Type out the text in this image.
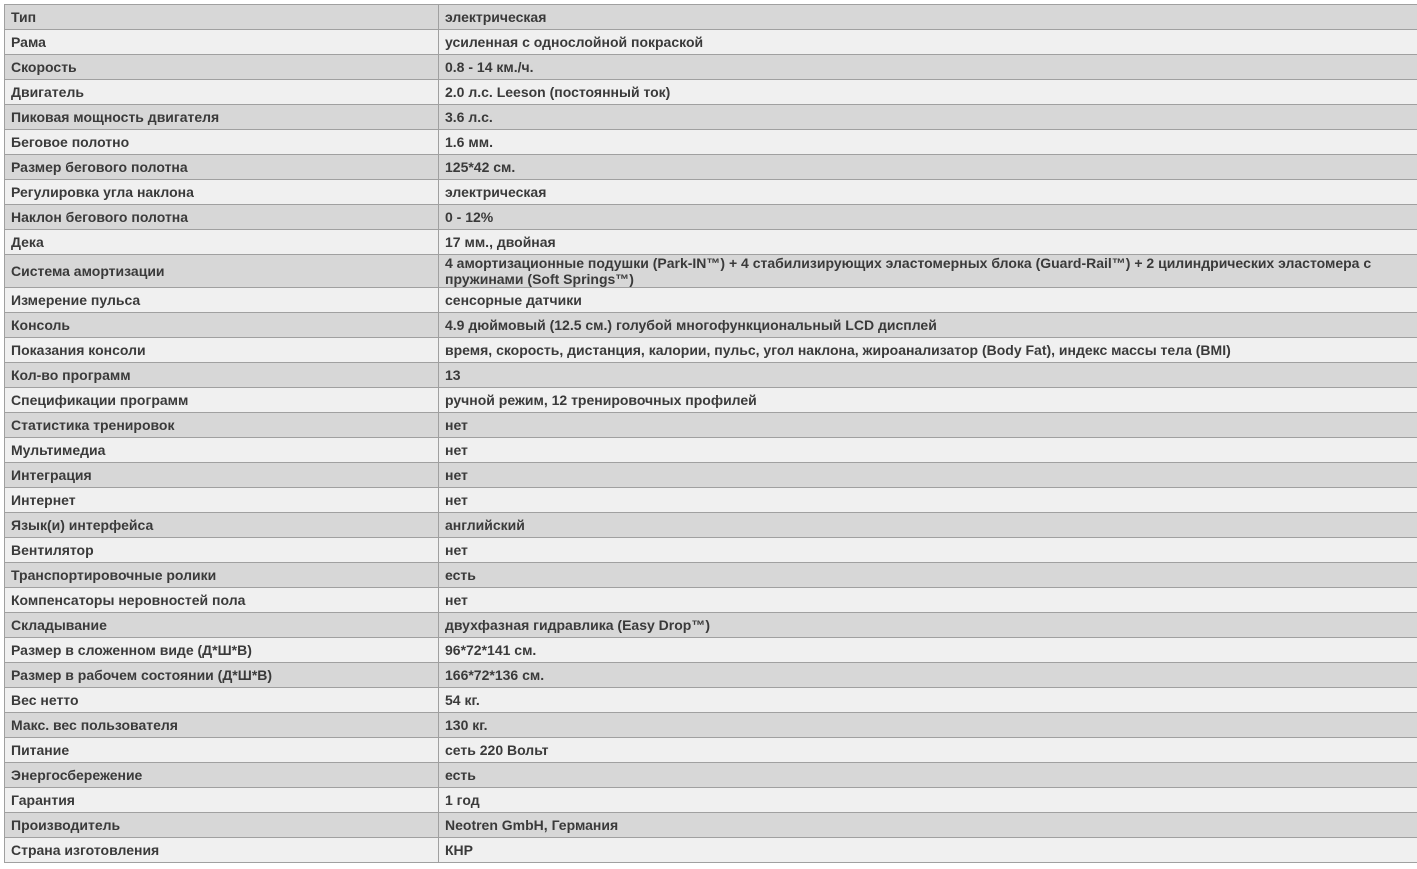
Тип	электрическая
Рама	усиленная с однослойной покраской
Скорость	0.8 - 14 км./ч.
Двигатель	2.0 л.с. Leeson (постоянный ток)
Пиковая мощность двигателя	3.6 л.с.
Беговое полотно	1.6 мм.
Размер бегового полотна	125*42 см.
Регулировка угла наклона	электрическая
Наклон бегового полотна	0 - 12%
Дека	17 мм., двойная
Система амортизации	4 амортизационные подушки (Park-IN™) + 4 стабилизирующих эластомерных блока (Guard-Rail™) + 2 цилиндрических эластомера с пружинами (Soft Springs™)
Измерение пульса	сенсорные датчики
Консоль	4.9 дюймовый (12.5 см.) голубой многофункциональный LCD дисплей
Показания консоли	время, скорость, дистанция, калории, пульс, угол наклона, жироанализатор (Body Fat), индекс массы тела (BMI)
Кол-во программ	13
Спецификации программ	ручной режим, 12 тренировочных профилей
Статистика тренировок	нет
Мультимедиа	нет
Интеграция	нет
Интернет	нет
Язык(и) интерфейса	английский
Вентилятор	нет
Транспортировочные ролики	есть
Компенсаторы неровностей пола	нет
Складывание	двухфазная гидравлика (Easy Drop™)
Размер в сложенном виде (Д*Ш*В)	96*72*141 см.
Размер в рабочем состоянии (Д*Ш*В)	166*72*136 см.
Вес нетто	54 кг.
Макс. вес пользователя	130 кг.
Питание	сеть 220 Вольт
Энергосбережение	есть
Гарантия	1 год
Производитель	Neotren GmbH, Германия
Страна изготовления	КНР
